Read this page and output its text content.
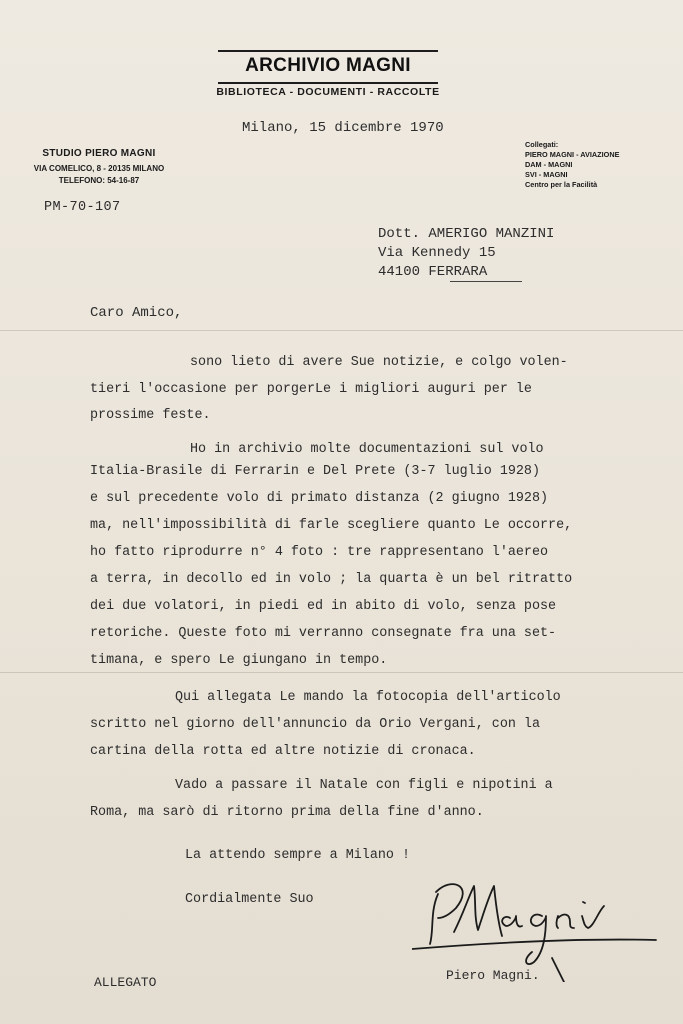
ARCHIVIO MAGNI
BIBLIOTECA - DOCUMENTI - RACCOLTE
STUDIO PIERO MAGNI
VIA COMELICO, 8 - 20135 MILANO
TELEFONO: 54-16-87
Collegati:
PIERO MAGNI - AVIAZIONE
DAM - MAGNI
SVI - MAGNI
Centro per la Facilità
Milano, 15 dicembre 1970
PM-70-107
Dott. AMERIGO MANZINI
Via Kennedy 15
44100 FERRARA
Caro Amico,
sono lieto di avere Sue notizie, e colgo volen-
tieri l'occasione per porgerLe i migliori auguri per le
prossime feste.
Ho in archivio molte documentazioni sul volo
Italia-Brasile di Ferrarin e Del Prete (3-7 luglio 1928)
e sul precedente volo di primato distanza (2 giugno 1928)
ma, nell'impossibilità di farle scegliere quanto Le occorre,
ho fatto riprodurre n° 4 foto : tre rappresentano l'aereo
a terra, in decollo ed in volo ; la quarta è un bel ritratto
dei due volatori, in piedi ed in abito di volo, senza pose
retoriche. Queste foto mi verranno consegnate fra una set-
timana, e spero Le giungano in tempo.
Qui allegata Le mando la fotocopia dell'articolo
scritto nel giorno dell'annuncio da Orio Vergani, con la
cartina della rotta ed altre notizie di cronaca.
Vado a passare il Natale con figli e nipotini a
Roma, ma sarò di ritorno prima della fine d'anno.
La attendo sempre a Milano !
Cordialmente Suo
ALLEGATO	Piero Magni.
